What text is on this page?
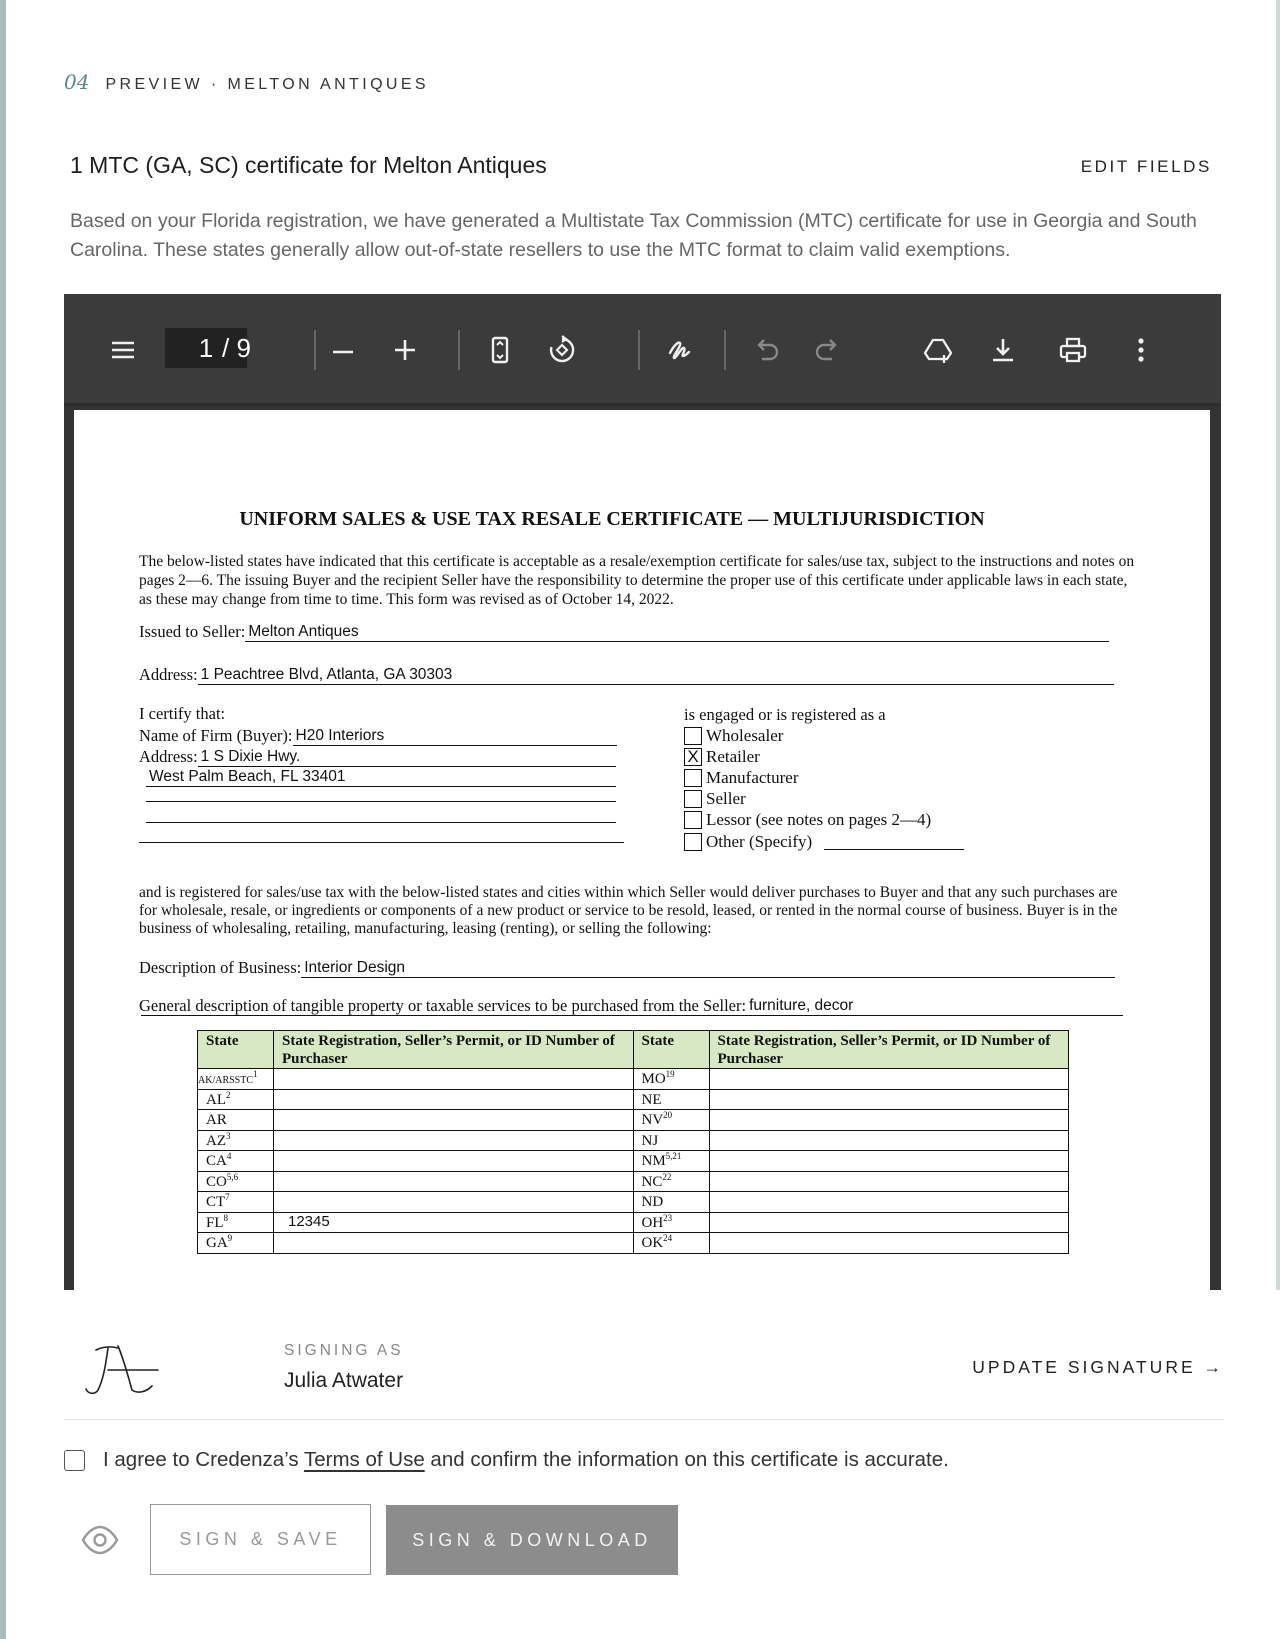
04 PREVIEW · MELTON ANTIQUES
1 MTC (GA, SC) certificate for Melton Antiques	EDIT FIELDS
Based on your Florida registration, we have generated a Multistate Tax Commission (MTC) certificate for use in Georgia and South Carolina. These states generally allow out-of-state resellers to use the MTC format to claim valid exemptions.
1 / 9
UNIFORM SALES & USE TAX RESALE CERTIFICATE — MULTIJURISDICTION
The below-listed states have indicated that this certificate is acceptable as a resale/exemption certificate for sales/use tax, subject to the instructions and notes on pages 2—6. The issuing Buyer and the recipient Seller have the responsibility to determine the proper use of this certificate under applicable laws in each state, as these may change from time to time. This form was revised as of October 14, 2022.
Issued to Seller: Melton Antiques
Address: 1 Peachtree Blvd, Atlanta, GA 30303
I certify that:
Name of Firm (Buyer): H20 Interiors
Address: 1 S Dixie Hwy.
West Palm Beach, FL 33401
is engaged or is registered as a
Wholesaler
X Retailer
Manufacturer
Seller
Lessor (see notes on pages 2—4)
Other (Specify)
and is registered for sales/use tax with the below-listed states and cities within which Seller would deliver purchases to Buyer and that any such purchases are for wholesale, resale, or ingredients or components of a new product or service to be resold, leased, or rented in the normal course of business. Buyer is in the business of wholesaling, retailing, manufacturing, leasing (renting), or selling the following:
Description of Business: Interior Design
General description of tangible property or taxable services to be purchased from the Seller: furniture, decor
State	State Registration, Seller’s Permit, or ID Number of Purchaser	State	State Registration, Seller’s Permit, or ID Number of Purchaser
AK/ARSSTC$^1$		MO$^{19}$	
$AL^2$		NE	
AR		NV$^{20}$	
$AZ^3$		NJ	
$CA^4$		NM$^{5,21}$	
CO$^{5,6}$		NC$^{22}$	
$CT^7$		ND	
$FL^8$	12345	OH$^{23}$	
$GA^9$		OK$^{24}$	
SIGNING AS
Julia Atwater
UPDATE SIGNATURE →
I agree to Credenza’s Terms of Use and confirm the information on this certificate is accurate.
SIGN & SAVE	SIGN & DOWNLOAD
